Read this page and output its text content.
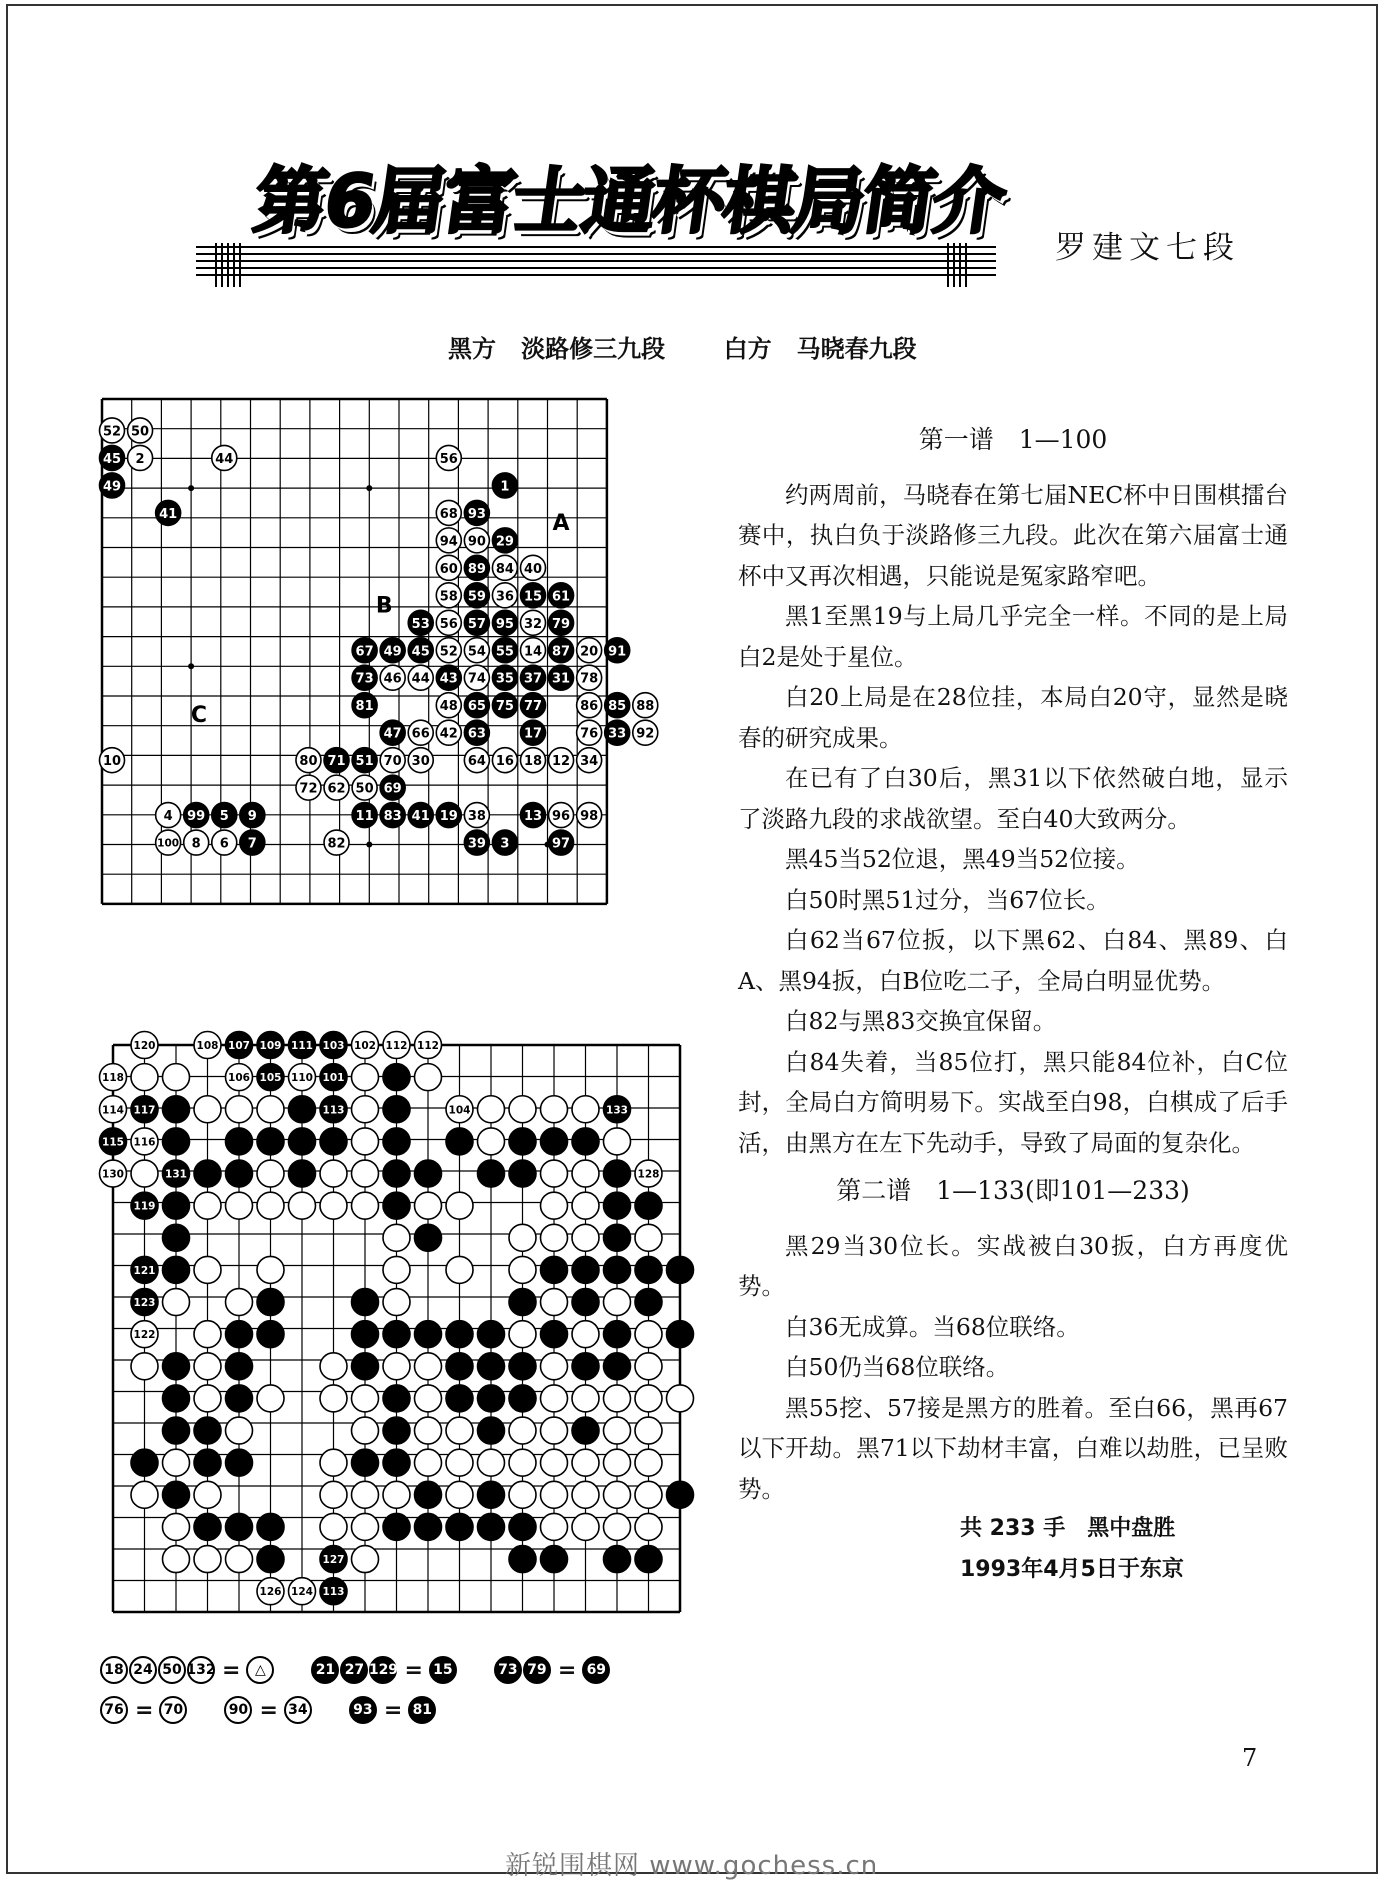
第6届富士通杯棋局简介
罗建文七段
黑方 淡路修三九段 白方 马晓春九段
50
52
2
45	44	56
49	1
41	68 93
94 90 29
60 89 84 40
58 59 36 15 61
53 56 57 95 32 79
67 49 45 52 54 55 14 87 20 91
73 46 44 43 74 35 37 31 78
81	48 65 75 77	86 85 88
47 66 42 63	17	76 33 92
10	80 71 51 70 30	64 16 18 12 34
72 62 50 69
4 99 5 9	11 83 41 19 38	13 96 98
100 8 6 7	82	39 3	97
A
B
C
120	108 107 109 111 103 102 112 112
118	106 105 110 101
114 117	113	104	133
115 116
130	131	128
119
121
123
122
127
126 124 113
18 24 50 132 =	△	21 27 129 = 15	73 79 = 69
76 = 70	90 = 34	93 = 81

第一谱　1—100

约两周前，马晓春在第七届NEC杯中日围棋擂台赛中，执白负于淡路修三九段。此次在第六届富士通杯中又再次相遇，只能说是冤家路窄吧。

黑1至黑19与上局几乎完全一样。不同的是上局白2是处于星位。

白20上局是在28位挂，本局白20守，显然是晓春的研究成果。

在已有了白30后，黑31以下依然破白地，显示了淡路九段的求战欲望。至白40大致两分。

黑45当52位退，黑49当52位接。

白50时黑51过分，当67位长。

白62当67位扳，以下黑62、白84、黑89、白A、黑94扳，白B位吃二子，全局白明显优势。

白82与黑83交换宜保留。

白84失着，当85位打，黑只能84位补，白C位封，全局白方简明易下。实战至白98，白棋成了后手活，由黑方在左下先动手，导致了局面的复杂化。

第二谱　1—133(即101—233)

黑29当30位长。实战被白30扳，白方再度优势。

白36无成算。当68位联络。

白50仍当68位联络。

黑55挖、57接是黑方的胜着。至白66，黑再67以下开劫。黑71以下劫材丰富，白难以劫胜，已呈败势。

共 233 手　黑中盘胜

1993年4月5日于东京

7
新锐围棋网 www.gochess.cn
